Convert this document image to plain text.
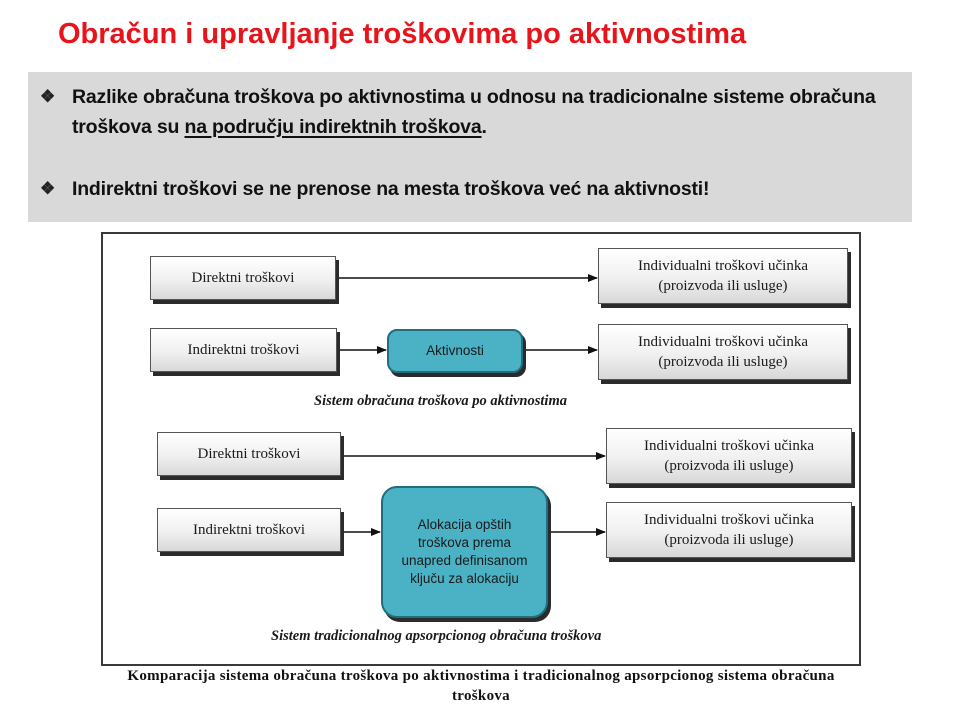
Obračun i upravljanje troškovima po aktivnostima
❖ Razlike obračuna troškova po aktivnostima u odnosu na tradicionalne sisteme obračuna troškova su na području indirektnih troškova.
❖ Indirektni troškovi se ne prenose na mesta troškova već na aktivnosti!
Direktni troškovi
Individualni troškovi učinka (proizvoda ili usluge)
Indirektni troškovi	Aktivnosti
Individualni troškovi učinka (proizvoda ili usluge)
Sistem obračuna troškova po aktivnostima
Direktni troškovi	Individualni troškovi učinka (proizvoda ili usluge)
Indirektni troškovi	Alokacija opštih troškova prema unapred definisanom ključu za alokaciju
Individualni troškovi učinka (proizvoda ili usluge)
Sistem tradicionalnog apsorpcionog obračuna troškova
Komparacija sistema obračuna troškova po aktivnostima i tradicionalnog apsorpcionog sistema obračuna troškova
